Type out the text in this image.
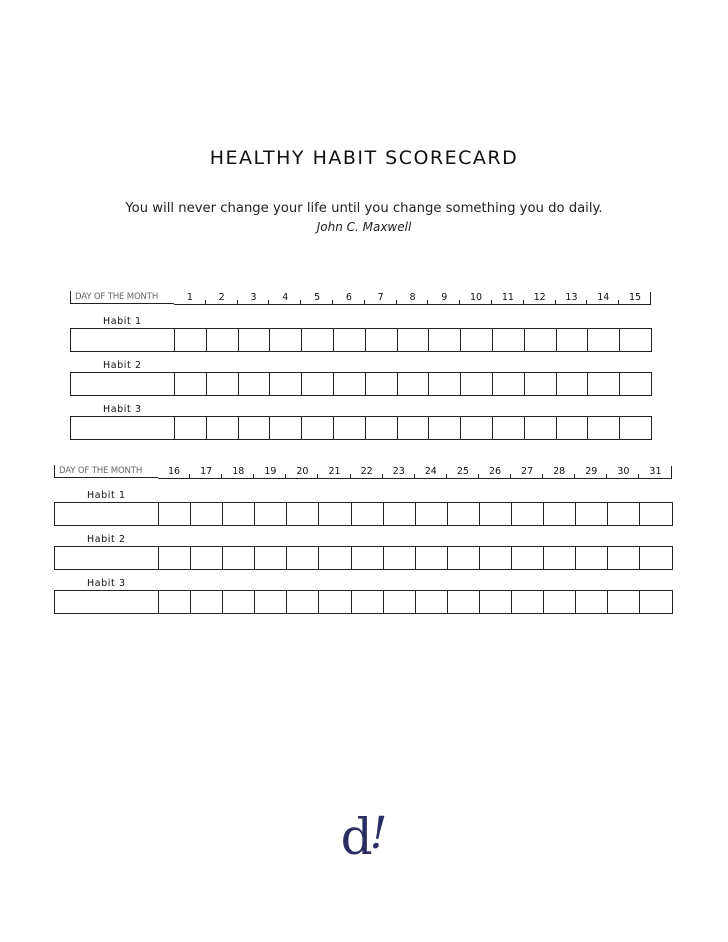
HEALTHY HABIT SCORECARD
You will never change your life until you change something you do daily.
John C. Maxwell
DAY OF THE MONTH	1	2	3	4	5	6	7	8	9	10	11	12	13	14	15
Habit 1
Habit 2
Habit 3
DAY OF THE MONTH	16	17	18	19	20	21	22	23	24	25	26	27	28	29	30	31
Habit 1
Habit 2
Habit 3
d!
